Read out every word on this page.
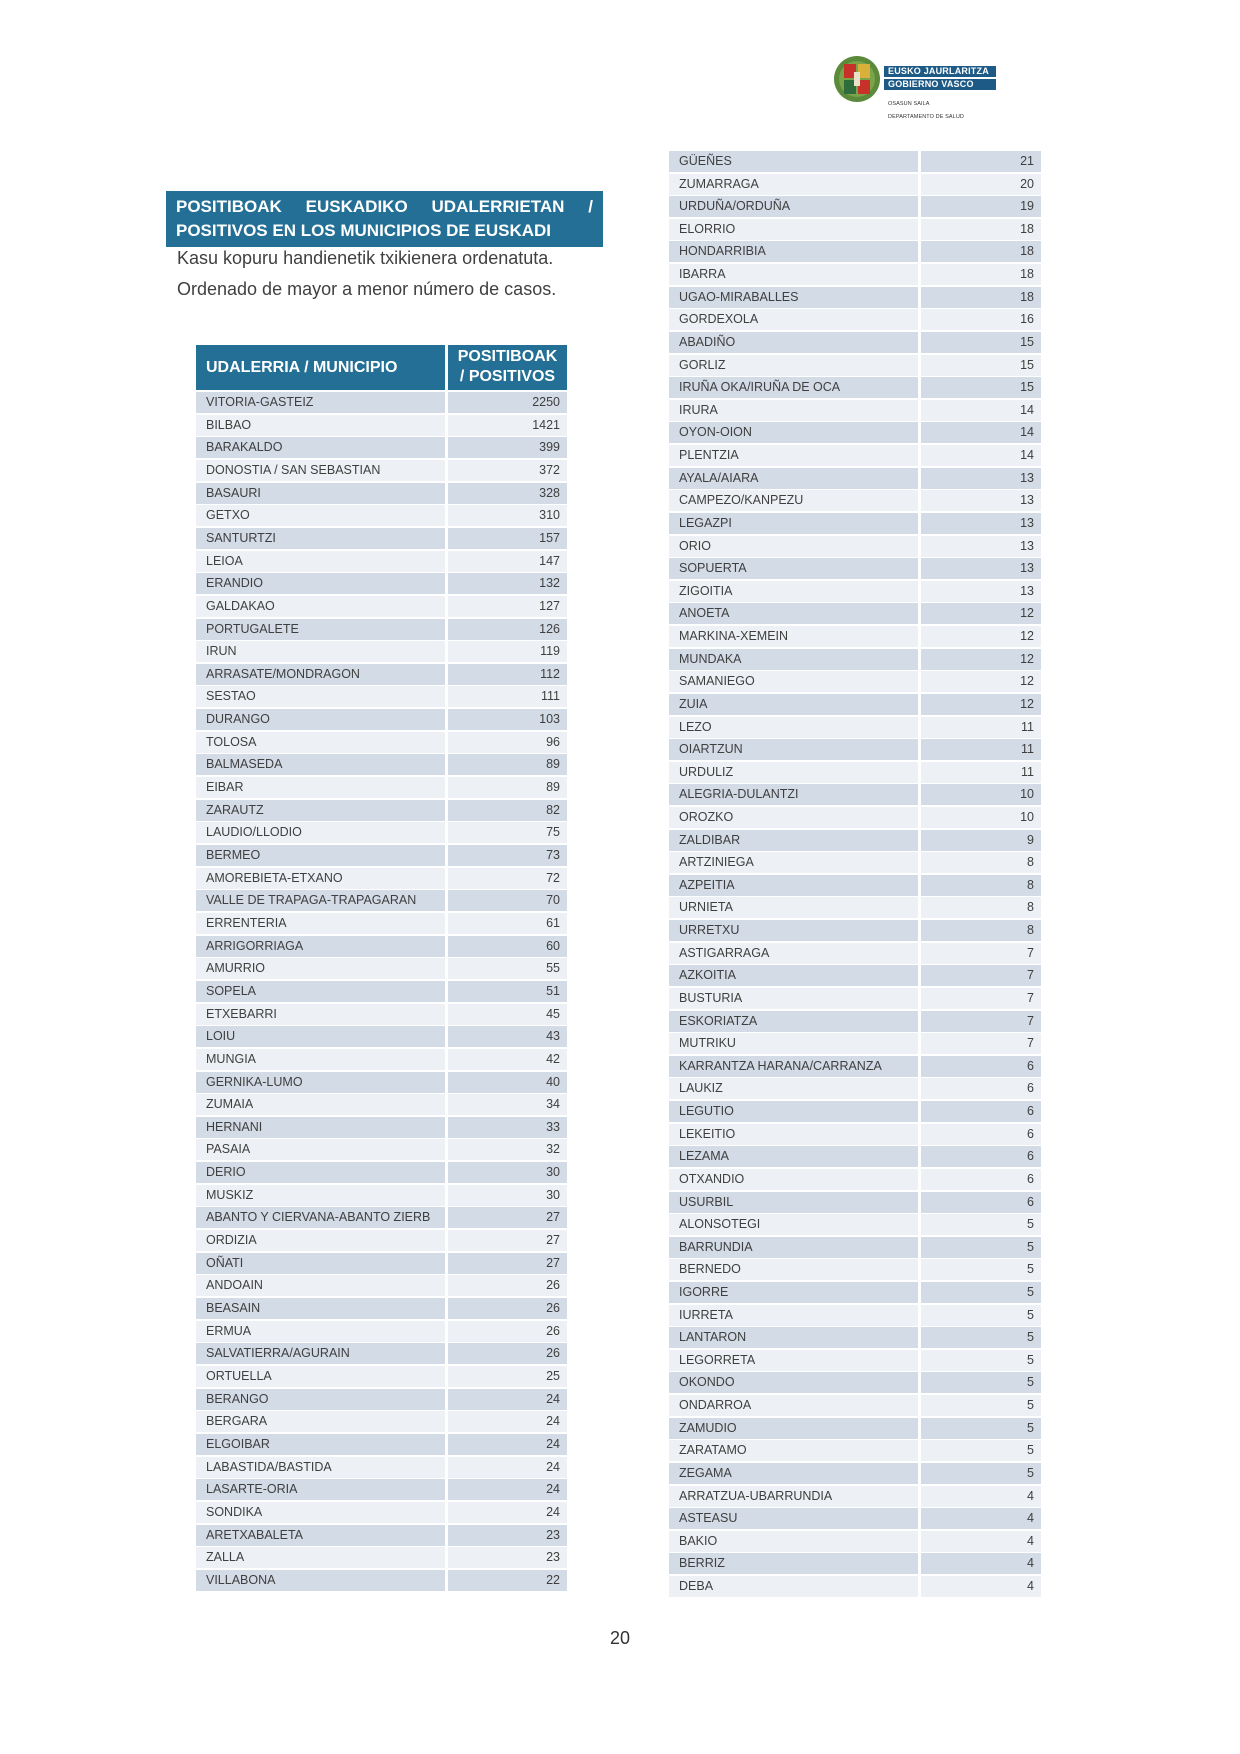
EUSKO JAURLARITZA
GOBIERNO VASCO
OSASUN SAILA
DEPARTAMENTO DE SALUD
POSITIBOAK EUSKADIKO UDALERRIETAN /
POSITIVOS EN LOS MUNICIPIOS DE EUSKADI
Kasu kopuru handienetik txikienera ordenatuta.
Ordenado de mayor a menor número de casos.
UDALERRIA / MUNICIPIO
POSITIBOAK
/ POSITIVOS
VITORIA-GASTEIZ	2250
BILBAO	1421
BARAKALDO	399
DONOSTIA / SAN SEBASTIAN	372
BASAURI	328
GETXO	310
SANTURTZI	157
LEIOA	147
ERANDIO	132
GALDAKAO	127
PORTUGALETE	126
IRUN	119
ARRASATE/MONDRAGON	112
SESTAO	111
DURANGO	103
TOLOSA	96
BALMASEDA	89
EIBAR	89
ZARAUTZ	82
LAUDIO/LLODIO	75
BERMEO	73
AMOREBIETA-ETXANO	72
VALLE DE TRAPAGA-TRAPAGARAN	70
ERRENTERIA	61
ARRIGORRIAGA	60
AMURRIO	55
SOPELA	51
ETXEBARRI	45
LOIU	43
MUNGIA	42
GERNIKA-LUMO	40
ZUMAIA	34
HERNANI	33
PASAIA	32
DERIO	30
MUSKIZ	30
ABANTO Y CIERVANA-ABANTO ZIERB	27
ORDIZIA	27
OÑATI	27
ANDOAIN	26
BEASAIN	26
ERMUA	26
SALVATIERRA/AGURAIN	26
ORTUELLA	25
BERANGO	24
BERGARA	24
ELGOIBAR	24
LABASTIDA/BASTIDA	24
LASARTE-ORIA	24
SONDIKA	24
ARETXABALETA	23
ZALLA	23
VILLABONA	22
GÜEÑES	21
ZUMARRAGA	20
URDUÑA/ORDUÑA	19
ELORRIO	18
HONDARRIBIA	18
IBARRA	18
UGAO-MIRABALLES	18
GORDEXOLA	16
ABADIÑO	15
GORLIZ	15
IRUÑA OKA/IRUÑA DE OCA	15
IRURA	14
OYON-OION	14
PLENTZIA	14
AYALA/AIARA	13
CAMPEZO/KANPEZU	13
LEGAZPI	13
ORIO	13
SOPUERTA	13
ZIGOITIA	13
ANOETA	12
MARKINA-XEMEIN	12
MUNDAKA	12
SAMANIEGO	12
ZUIA	12
LEZO	11
OIARTZUN	11
URDULIZ	11
ALEGRIA-DULANTZI	10
OROZKO	10
ZALDIBAR	9
ARTZINIEGA	8
AZPEITIA	8
URNIETA	8
URRETXU	8
ASTIGARRAGA	7
AZKOITIA	7
BUSTURIA	7
ESKORIATZA	7
MUTRIKU	7
KARRANTZA HARANA/CARRANZA	6
LAUKIZ	6
LEGUTIO	6
LEKEITIO	6
LEZAMA	6
OTXANDIO	6
USURBIL	6
ALONSOTEGI	5
BARRUNDIA	5
BERNEDO	5
IGORRE	5
IURRETA	5
LANTARON	5
LEGORRETA	5
OKONDO	5
ONDARROA	5
ZAMUDIO	5
ZARATAMO	5
ZEGAMA	5
ARRATZUA-UBARRUNDIA	4
ASTEASU	4
BAKIO	4
BERRIZ	4
DEBA	4
20
